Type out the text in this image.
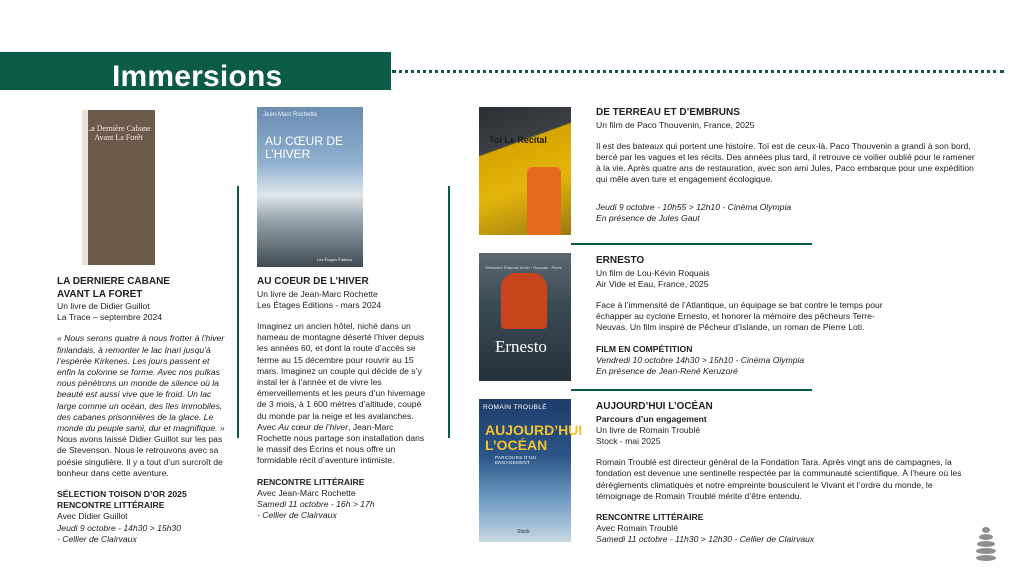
Immersions
La Dernière Cabane Avant La Forêt
LA DERNIERE CABANE
AVANT LA FORET
Un livre de Didier Guillot
La Trace – septembre 2024
« Nous serons quatre à nous frotter à l’hiver finlandais, à remonter le lac Inari jusqu’à l’espérée Kirkenes. Les jours passent et enfin la colonne se forme. Avec nos pulkas nous pénétrons un monde de silence où la beauté est aussi vive que le froid. Un lac large comme un océan, des îles immobiles, des cabanes prisonnières de la glace. Le monde du peuple sami, dur et magnifique. » Nous avons laissé Didier Guillot sur les pas de Stevenson. Nous le retrouvons avec sa poésie singulière. Il y a tout d’un surcroît de bonheur dans cette aventure.
SÉLECTION TOISON D’OR 2025
RENCONTRE LITTÉRAIRE
Avec Didier Guillot
Jeudi 9 octobre - 14h30 > 15h30
- Cellier de Clairvaux
Jean-Marc Rochette
AU CŒUR DE L’HIVER
Les Étages Éditions
AU COEUR DE L’HIVER
Un livre de Jean-Marc Rochette
Les Étages Éditions - mars 2024
Imaginez un ancien hôtel, niché dans un hameau de montagne déserté l’hiver depuis les années 60, et dont la route d’accès se ferme au 15 décembre pour rouvrir au 15 mars. Imaginez un couple qui décide de s’y instal ler à l’année et de vivre les émerveillements et les peurs d’un hivernage de 3 mois, à 1 600 mètres d’altitude, coupé du monde par la neige et les avalanches. Avec Au cœur de l’hiver, Jean-Marc Rochette nous partage son installation dans le massif des Écrins et nous offre un formidable récit d’aventure intimiste.
RENCONTRE LITTÉRAIRE
Avec Jean-Marc Rochette
Samedi 11 octobre - 16h > 17h
- Cellier de Clairvaux
Toï Le Recital
DE TERREAU ET D’EMBRUNS
Un film de Paco Thouvenin, France, 2025
Il est des bateaux qui portent une histoire. Toï est de ceux-là. Paco Thouvenin a grandi à son bord, bercé par les vagues et les récits. Des années plus tard, il retrouve ce voilier oublié pour le ramener à la vie. Après quatre ans de restauration, avec son ami Jules, Paco embarque pour une expédition qui mêle aven ture et engagement écologique.
Jeudi 9 octobre - 10h55 > 12h10 - Cinéma Olympia
En présence de Jules Gaut
Sébastien Roquais Kévin · Roquais · Perez
Ernesto
ERNESTO
Un film de Lou-Kévin Roquais
Air Vide et Eau, France, 2025
Face à l’immensité de l’Atlantique, un équipage se bat contre le temps pour échapper au cyclone Ernesto, et honorer la mémoire des pêcheurs Terre-Neuvas. Un film inspiré de Pêcheur d’Islande, un roman de Pierre Loti.
FILM EN COMPÉTITION
Vendredi 10 octobre 14h30 > 15h10 - Cinéma Olympia
En présence de Jean-René Keruzoré
ROMAIN TROUBLÉ
AUJOURD’HUI L’OCÉAN
PARCOURS D’UN ENGAGEMENT
Stock
AUJOURD’HUI L’OCÉAN
Parcours d’un engagement
Un livre de Romain Troublé
Stock - mai 2025
Romain Troublé est directeur général de la Fondation Tara. Après vingt ans de campagnes, la fondation est devenue une sentinelle respectée par la communauté scientifique. À l’heure où les dérèglements climatiques et notre empreinte bousculent le Vivant et l’ordre du monde, le témoignage de Romain Troublé mérite d’être entendu.
RENCONTRE LITTÉRAIRE
Avec Romain Troublé
Samedi 11 octobre - 11h30 > 12h30 - Cellier de Clairvaux
